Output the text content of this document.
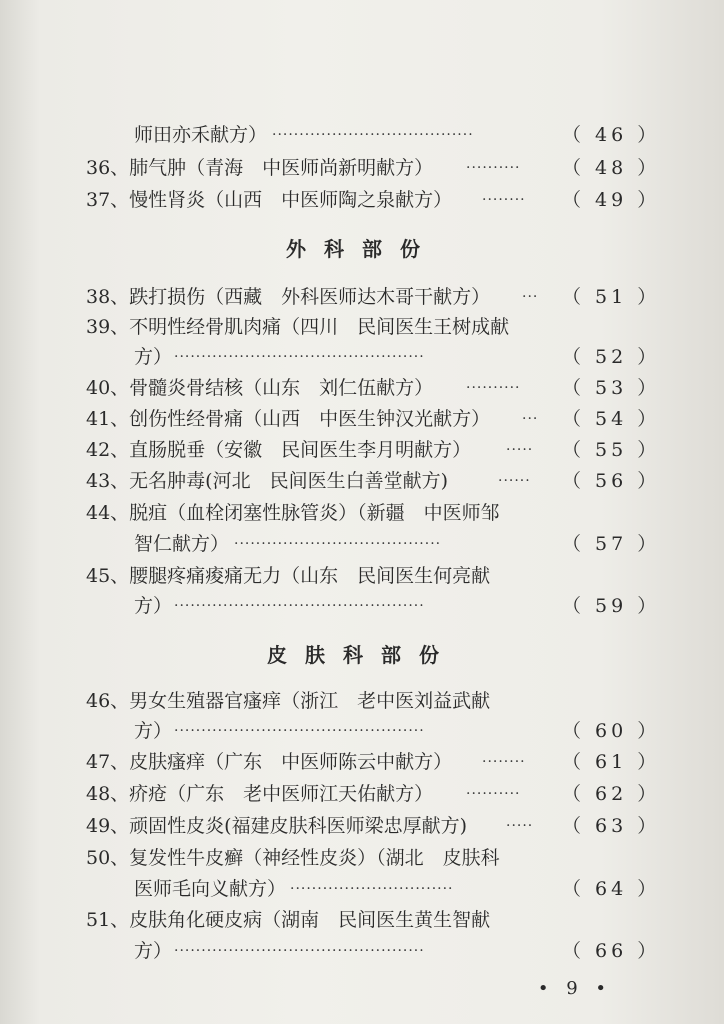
师田亦禾献方） ·····································	（ 46 ）
36、肺气肿（青海　中医师尚新明献方） ··········	（ 48 ）
37、慢性肾炎（山西　中医师陶之泉献方） ········	（ 49 ）
外科部份
38、跌打损伤（西藏　外科医师达木哥干献方） ···	（ 51 ）
39、不明性经骨肌肉痛（四川　民间医生王树成献
方） ··············································	（ 52 ）
40、骨髓炎骨结核（山东　刘仁伍献方） ··········	（ 53 ）
41、创伤性经骨痛（山西　中医生钟汉光献方） ···	（ 54 ）
42、直肠脱垂（安徽　民间医生李月明献方） ·····	（ 55 ）
43、无名肿毒(河北　民间医生白善堂献方)	······	（ 56 ）
44、脱疽（血栓闭塞性脉管炎）（新疆　中医师邹
智仁献方） ······································	（ 57 ）
45、腰腿疼痛痠痛无力（山东　民间医生何亮献
方） ··············································	（ 59 ）
皮肤科部份
46、男女生殖器官瘙痒（浙江　老中医刘益武献
方） ··············································	（ 60 ）
47、皮肤瘙痒（广东　中医师陈云中献方） ········	（ 61 ）
48、疥疮（广东　老中医师江天佑献方） ··········	（ 62 ）
49、顽固性皮炎(福建皮肤科医师梁忠厚献方)	·····	（ 63 ）
50、复发性牛皮癣（神经性皮炎）（湖北　皮肤科
医师毛向义献方） ······························	（ 64 ）
51、皮肤角化硬皮病（湖南　民间医生黄生智献
方） ··············································	（ 66 ）
• 9 •
